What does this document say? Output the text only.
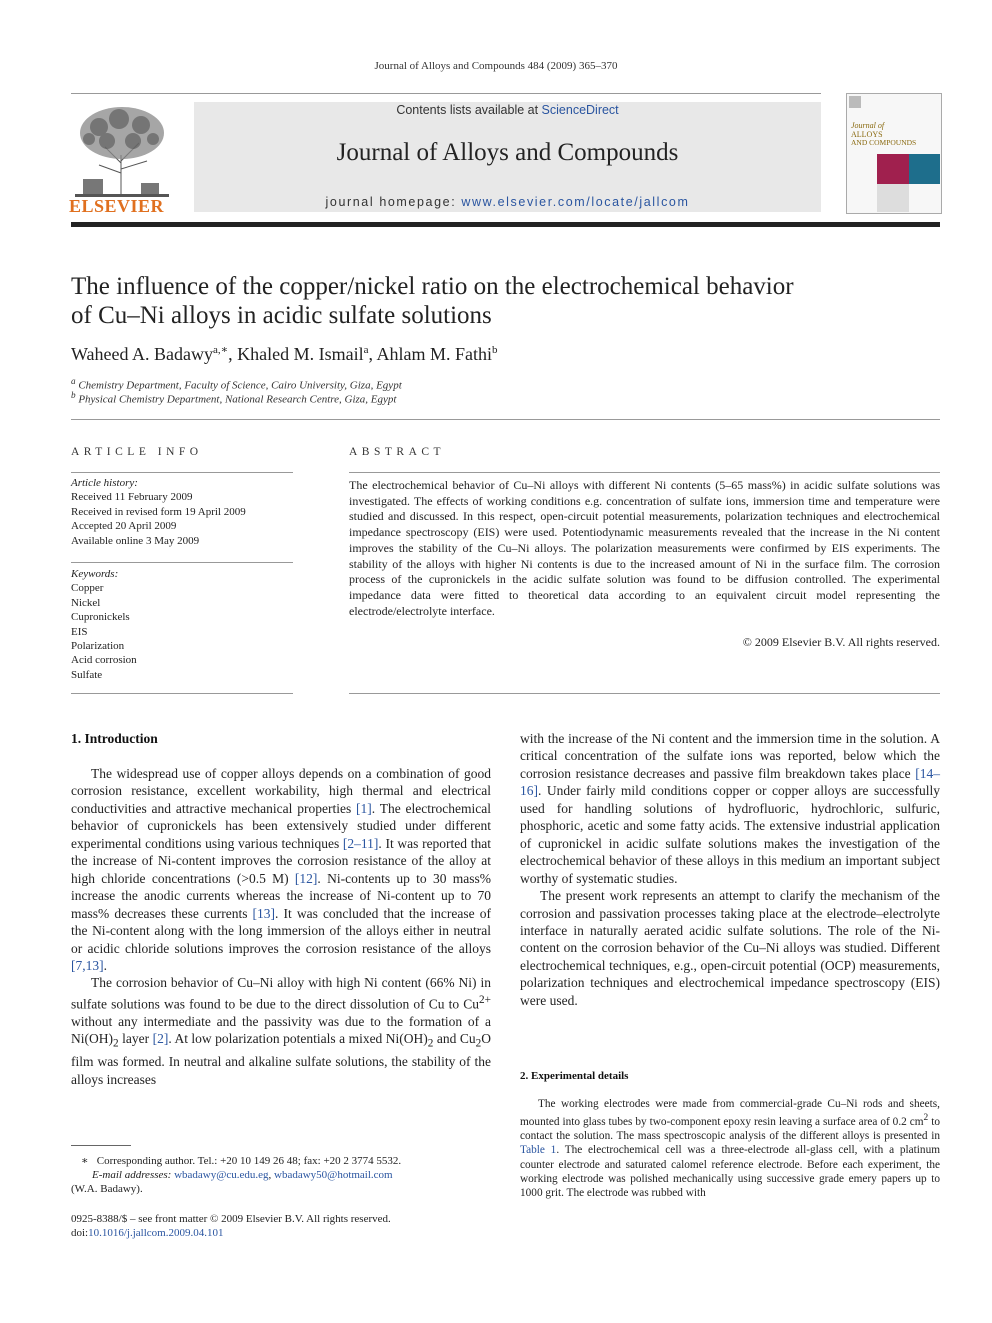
Journal of Alloys and Compounds 484 (2009) 365–370
ELSEVIER
Contents lists available at ScienceDirect
Journal of Alloys and Compounds
journal homepage: www.elsevier.com/locate/jallcom
Journal of
ALLOYS
AND COMPOUNDS
The influence of the copper/nickel ratio on the electrochemical behavior
of Cu–Ni alloys in acidic sulfate solutions
Waheed A. Badawy$^{a,∗}$, Khaled M. Ismail$^a$, Ahlam M. Fathi$^b$
$^a$ Chemistry Department, Faculty of Science, Cairo University, Giza, Egypt
$^b$ Physical Chemistry Department, National Research Centre, Giza, Egypt
ARTICLE INFO
Article history:
Received 11 February 2009
Received in revised form 19 April 2009
Accepted 20 April 2009
Available online 3 May 2009
Keywords:
Copper
Nickel
Cupronickels
EIS
Polarization
Acid corrosion
Sulfate
ABSTRACT
The electrochemical behavior of Cu–Ni alloys with different Ni contents (5–65 mass%) in acidic sulfate solutions was investigated. The effects of working conditions e.g. concentration of sulfate ions, immersion time and temperature were studied and discussed. In this respect, open-circuit potential measurements, polarization techniques and electrochemical impedance spectroscopy (EIS) were used. Potentiodynamic measurements revealed that the increase in the Ni content improves the stability of the Cu–Ni alloys. The polarization measurements were confirmed by EIS experiments. The stability of the alloys with higher Ni contents is due to the increased amount of Ni in the surface film. The corrosion process of the cupronickels in the acidic sulfate solution was found to be diffusion controlled. The experimental impedance data were fitted to theoretical data according to an equivalent circuit model representing the electrode/electrolyte interface.
© 2009 Elsevier B.V. All rights reserved.
1. Introduction

The widespread use of copper alloys depends on a combination of good corrosion resistance, excellent workability, high thermal and electrical conductivities and attractive mechanical properties [1]. The electrochemical behavior of cupronickels has been extensively studied under different experimental conditions using various techniques [2–11]. It was reported that the increase of Ni-content improves the corrosion resistance of the alloy at high chloride concentrations (>0.5 M) [12]. Ni-contents up to 30 mass% increase the anodic currents whereas the increase of Ni-content up to 70 mass% decreases these currents [13]. It was concluded that the increase of the Ni-content along with the long immersion of the alloys either in neutral or acidic chloride solutions improves the corrosion resistance of the alloys [7,13].

The corrosion behavior of Cu–Ni alloy with high Ni content (66% Ni) in sulfate solutions was found to be due to the direct dissolution of Cu to $Cu^{2+}$ without any intermediate and the passivity was due to the formation of a $Ni(OH)_2$ layer [2]. At low polarization potentials a mixed $Ni(OH)_2$ and $Cu_2O$ film was formed. In neutral and alkaline sulfate solutions, the stability of the alloys increases

with the increase of the Ni content and the immersion time in the solution. A critical concentration of the sulfate ions was reported, below which the corrosion resistance decreases and passive film breakdown takes place [14–16]. Under fairly mild conditions copper or copper alloys are successfully used for handling solutions of hydrofluoric, hydrochloric, sulfuric, phosphoric, acetic and some fatty acids. The extensive industrial application of cupronickel in acidic sulfate solutions makes the investigation of the electrochemical behavior of these alloys in this medium an important subject worthy of systematic studies.

The present work represents an attempt to clarify the mechanism of the corrosion and passivation processes taking place at the electrode–electrolyte interface in naturally aerated acidic sulfate solutions. The role of the Ni-content on the corrosion behavior of the Cu–Ni alloys was studied. Different electrochemical techniques, e.g., open-circuit potential (OCP) measurements, polarization techniques and electrochemical impedance spectroscopy (EIS) were used.

2. Experimental details

The working electrodes were made from commercial-grade Cu–Ni rods and sheets, mounted into glass tubes by two-component epoxy resin leaving a surface area of 0.2 $cm^2$ to contact the solution. The mass spectroscopic analysis of the different alloys is presented in Table 1. The electrochemical cell was a three-electrode all-glass cell, with a platinum counter electrode and saturated calomel reference electrode. Before each experiment, the working electrode was polished mechanically using successive grade emery papers up to 1000 grit. The electrode was rubbed with

∗ Corresponding author. Tel.: +20 10 149 26 48; fax: +20 2 3774 5532.
E-mail addresses: wbadawy@cu.edu.eg, wbadawy50@hotmail.com
(W.A. Badawy).
0925-8388/$ – see front matter © 2009 Elsevier B.V. All rights reserved.
doi:10.1016/j.jallcom.2009.04.101
